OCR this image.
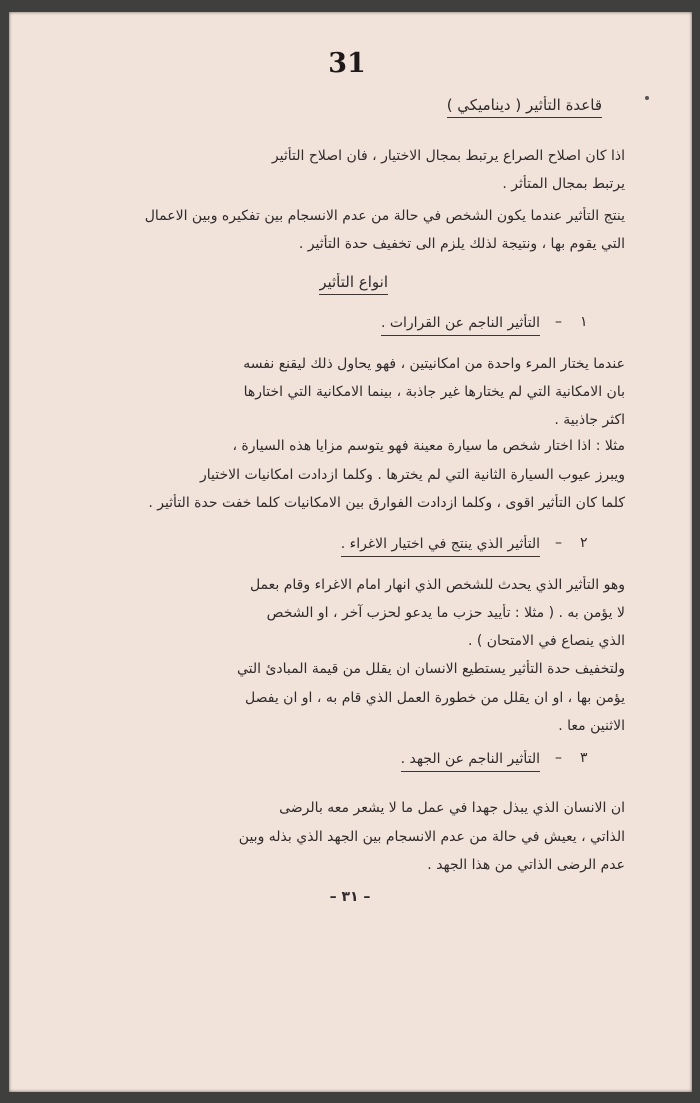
31
قاعدة التأثير ( ديناميكي )
اذا كان اصلاح الصراع يرتبط بمجال الاختيار ، فان اصلاح التأثير
يرتبط بمجال المتأثر .
ينتج التأثير عندما يكون الشخص في حالة من عدم الانسجام بين تفكيره وبين الاعمال
التي يقوم بها ، ونتيجة لذلك يلزم الى تخفيف حدة التأثير .
انواع التأثير
١
–
التأثير الناجم عن القرارات .
عندما يختار المرء واحدة من امكانيتين ، فهو يحاول ذلك ليقنع نفسه
بان الامكانية التي لم يختارها غير جاذبة ، بينما الامكانية التي اختارها
اكثر جاذبية .
مثلا : اذا اختار شخص ما سيارة معينة فهو يتوسم مزايا هذه السيارة ،
ويبرز عيوب السيارة الثانية التي لم يخترها . وكلما ازدادت امكانيات الاختيار
كلما كان التأثير اقوى ، وكلما ازدادت الفوارق بين الامكانيات كلما خفت حدة التأثير .
٢
–
التأثير الذي ينتج في اختيار الاغراء .
وهو التأثير الذي يحدث للشخص الذي انهار امام الاغراء وقام بعمل
لا يؤمن به . ( مثلا : تأييد حزب ما يدعو لحزب آخر ، او الشخص
الذي ينصاع في الامتحان ) .
ولتخفيف حدة التأثير يستطيع الانسان ان يقلل من قيمة المبادئ التي
يؤمن بها ، او ان يقلل من خطورة العمل الذي قام به ، او ان يفصل
الاثنين معا .
٣
–
التأثير الناجم عن الجهد .
ان الانسان الذي يبذل جهدا في عمل ما لا يشعر معه بالرضى
الذاتي ، يعيش في حالة من عدم الانسجام بين الجهد الذي بذله وبين
عدم الرضى الذاتي من هذا الجهد .
– ٣١ –
